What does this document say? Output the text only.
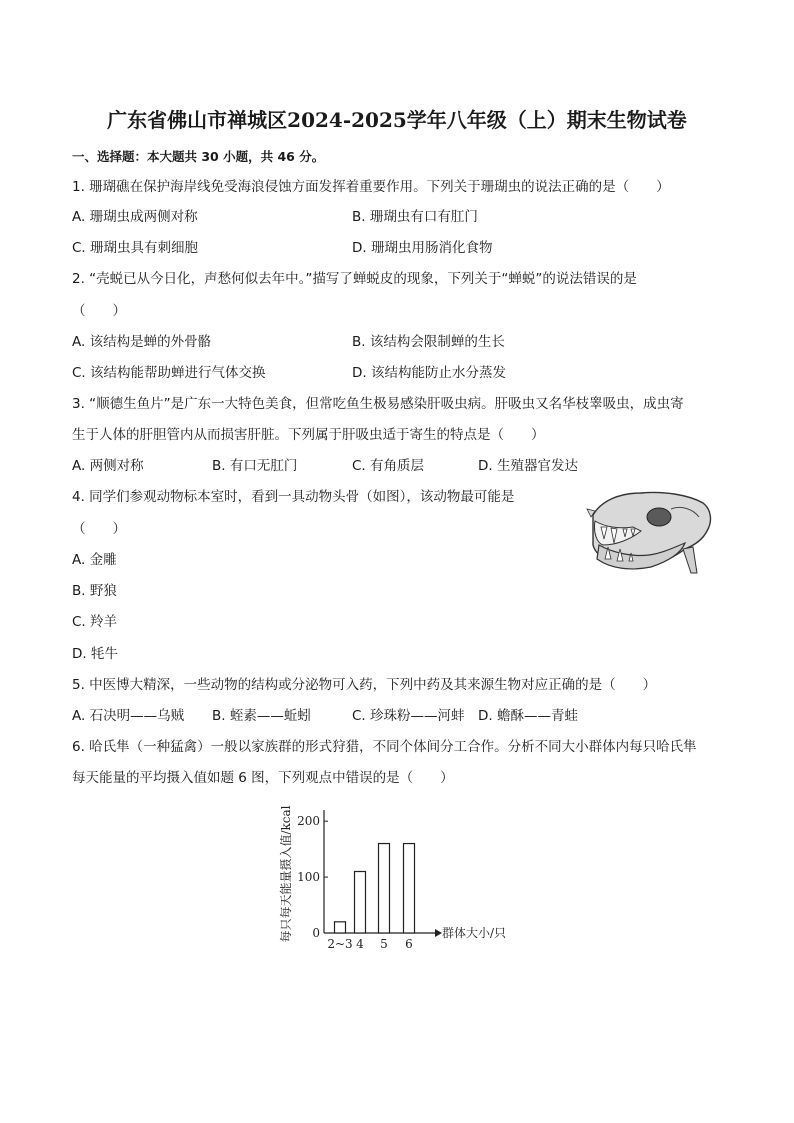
广东省佛山市禅城区2024-2025学年八年级（上）期末生物试卷
一、选择题：本大题共 30 小题，共 46 分。
1. 珊瑚礁在保护海岸线免受海浪侵蚀方面发挥着重要作用。下列关于珊瑚虫的说法正确的是（　　）
A. 珊瑚虫成两侧对称	B. 珊瑚虫有口有肛门
C. 珊瑚虫具有刺细胞	D. 珊瑚虫用肠消化食物
2. “壳蜕已从今日化，声愁何似去年中。”描写了蝉蜕皮的现象，下列关于“蝉蜕”的说法错误的是
（　　）
A. 该结构是蝉的外骨骼	B. 该结构会限制蝉的生长
C. 该结构能帮助蝉进行气体交换	D. 该结构能防止水分蒸发
3. “顺德生鱼片”是广东一大特色美食，但常吃鱼生极易感染肝吸虫病。肝吸虫又名华枝睾吸虫，成虫寄
生于人体的肝胆管内从而损害肝脏。下列属于肝吸虫适于寄生的特点是（　　）
A. 两侧对称	B. 有口无肛门	C. 有角质层	D. 生殖器官发达
4. 同学们参观动物标本室时，看到一具动物头骨（如图），该动物最可能是
（　　）
A. 金雕
B. 野狼
C. 羚羊
D. 牦牛
5. 中医博大精深，一些动物的结构或分泌物可入药，下列中药及其来源生物对应正确的是（　　）
A. 石决明——乌贼 B. 蛭素——蚯蚓	C. 珍珠粉——河蚌 D. 蟾酥——青蛙
6. 哈氏隼（一种猛禽）一般以家族群的形式狩猎，不同个体间分工合作。分析不同大小群体内每只哈氏隼
每天能量的平均摄入值如题 6 图，下列观点中错误的是（　　）
每只每天能量摄入值/kcal 0
100
200
2~3 4 5 6
群体大小/只
